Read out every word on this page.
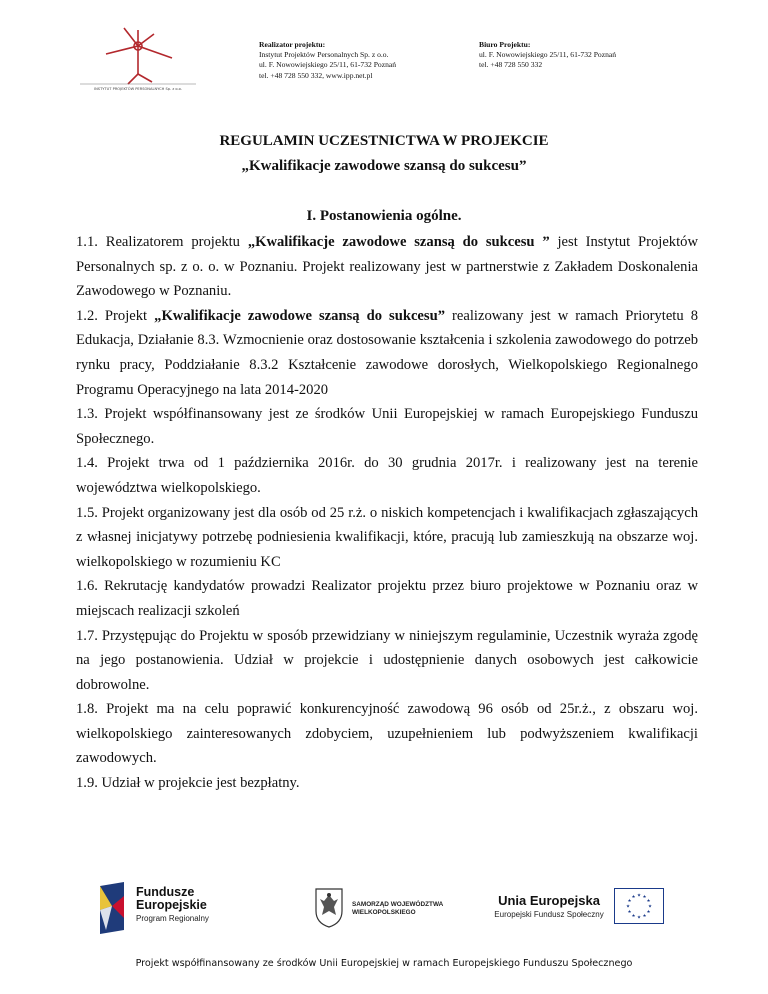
INSTYTUT PROJEKTÓW PERSONALNYCH Sp. z o.o.
Realizator projektu:
Instytut Projektów Personalnych Sp. z o.o.
ul. F. Nowowiejskiego 25/11, 61-732 Poznań
tel. +48 728 550 332, www.ipp.net.pl
Biuro Projektu:
ul. F. Nowowiejskiego 25/11, 61-732 Poznań
tel. +48 728 550 332
REGULAMIN UCZESTNICTWA W PROJEKCIE
„Kwalifikacje zawodowe szansą do sukcesu”
I. Postanowienia ogólne.

1.1. Realizatorem projektu „Kwalifikacje zawodowe szansą do sukcesu ” jest Instytut Projektów Personalnych sp. z o. o. w Poznaniu. Projekt realizowany jest w partnerstwie z Zakładem Doskonalenia Zawodowego w Poznaniu.

1.2. Projekt „Kwalifikacje zawodowe szansą do sukcesu” realizowany jest w ramach Priorytetu 8 Edukacja, Działanie 8.3. Wzmocnienie oraz dostosowanie kształcenia i szkolenia zawodowego do potrzeb rynku pracy, Poddziałanie 8.3.2 Kształcenie zawodowe dorosłych, Wielkopolskiego Regionalnego Programu Operacyjnego na lata 2014-2020

1.3. Projekt współfinansowany jest ze środków Unii Europejskiej w ramach Europejskiego Funduszu Społecznego.

1.4. Projekt trwa od 1 października 2016r. do 30 grudnia 2017r. i realizowany jest na terenie województwa wielkopolskiego.

1.5. Projekt organizowany jest dla osób od 25 r.ż. o niskich kompetencjach i kwalifikacjach zgłaszających z własnej inicjatywy potrzebę podniesienia kwalifikacji, które, pracują lub zamieszkują na obszarze woj. wielkopolskiego w rozumieniu KC

1.6. Rekrutację kandydatów prowadzi Realizator projektu przez biuro projektowe w Poznaniu oraz w miejscach realizacji szkoleń

1.7. Przystępując do Projektu w sposób przewidziany w niniejszym regulaminie, Uczestnik wyraża zgodę na jego postanowienia. Udział w projekcie i udostępnienie danych osobowych jest całkowicie dobrowolne.

1.8. Projekt ma na celu poprawić konkurencyjność zawodową 96 osób od 25r.ż., z obszaru woj. wielkopolskiego zainteresowanych zdobyciem, uzupełnieniem lub podwyższeniem kwalifikacji zawodowych.

1.9. Udział w projekcie jest bezpłatny.

Fundusze
Europejskie
Program Regionalny
SAMORZĄD WOJEWÓDZTWA
WIELKOPOLSKIEGO
Unia Europejska
Europejski Fundusz Społeczny
★
★
★
★
★
★
★
★
★ ★ ★
★
Projekt współfinansowany ze środków Unii Europejskiej w ramach Europejskiego Funduszu Społecznego
